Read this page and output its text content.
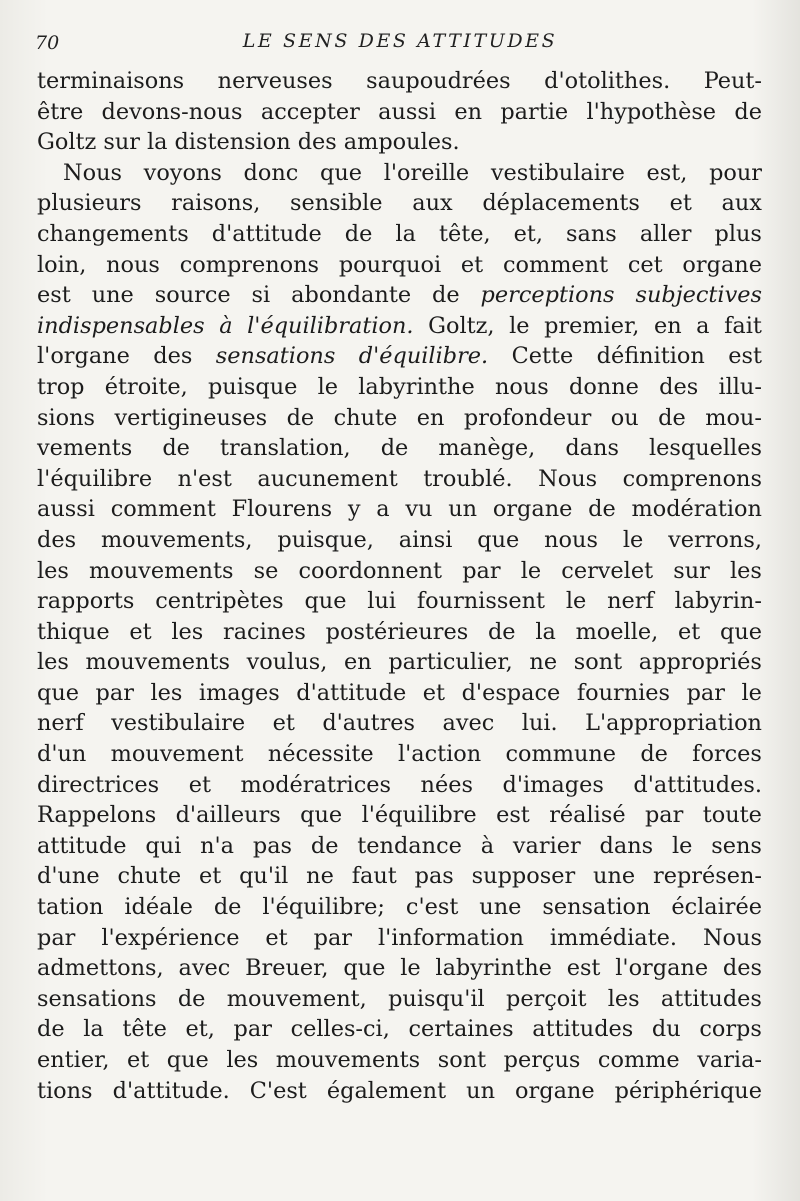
70	LE SENS DES ATTITUDES
terminaisons nerveuses saupoudrées d'otolithes. Peut-
être devons-nous accepter aussi en partie l'hypothèse de
Goltz sur la distension des ampoules.
Nous voyons donc que l'oreille vestibulaire est, pour
plusieurs raisons, sensible aux déplacements et aux
changements d'attitude de la tête, et, sans aller plus
loin, nous comprenons pourquoi et comment cet organe
est une source si abondante de perceptions subjectives
indispensables à l'équilibration. Goltz, le premier, en a fait
l'organe des sensations d'équilibre. Cette définition est
trop étroite, puisque le labyrinthe nous donne des illu-
sions vertigineuses de chute en profondeur ou de mou-
vements de translation, de manège, dans lesquelles
l'équilibre n'est aucunement troublé. Nous comprenons
aussi comment Flourens y a vu un organe de modération
des mouvements, puisque, ainsi que nous le verrons,
les mouvements se coordonnent par le cervelet sur les
rapports centripètes que lui fournissent le nerf labyrin-
thique et les racines postérieures de la moelle, et que
les mouvements voulus, en particulier, ne sont appropriés
que par les images d'attitude et d'espace fournies par le
nerf vestibulaire et d'autres avec lui. L'appropriation
d'un mouvement nécessite l'action commune de forces
directrices et modératrices nées d'images d'attitudes.
Rappelons d'ailleurs que l'équilibre est réalisé par toute
attitude qui n'a pas de tendance à varier dans le sens
d'une chute et qu'il ne faut pas supposer une représen-
tation idéale de l'équilibre; c'est une sensation éclairée
par l'expérience et par l'information immédiate. Nous
admettons, avec Breuer, que le labyrinthe est l'organe des
sensations de mouvement, puisqu'il perçoit les attitudes
de la tête et, par celles-ci, certaines attitudes du corps
entier, et que les mouvements sont perçus comme varia-
tions d'attitude. C'est également un organe périphérique
